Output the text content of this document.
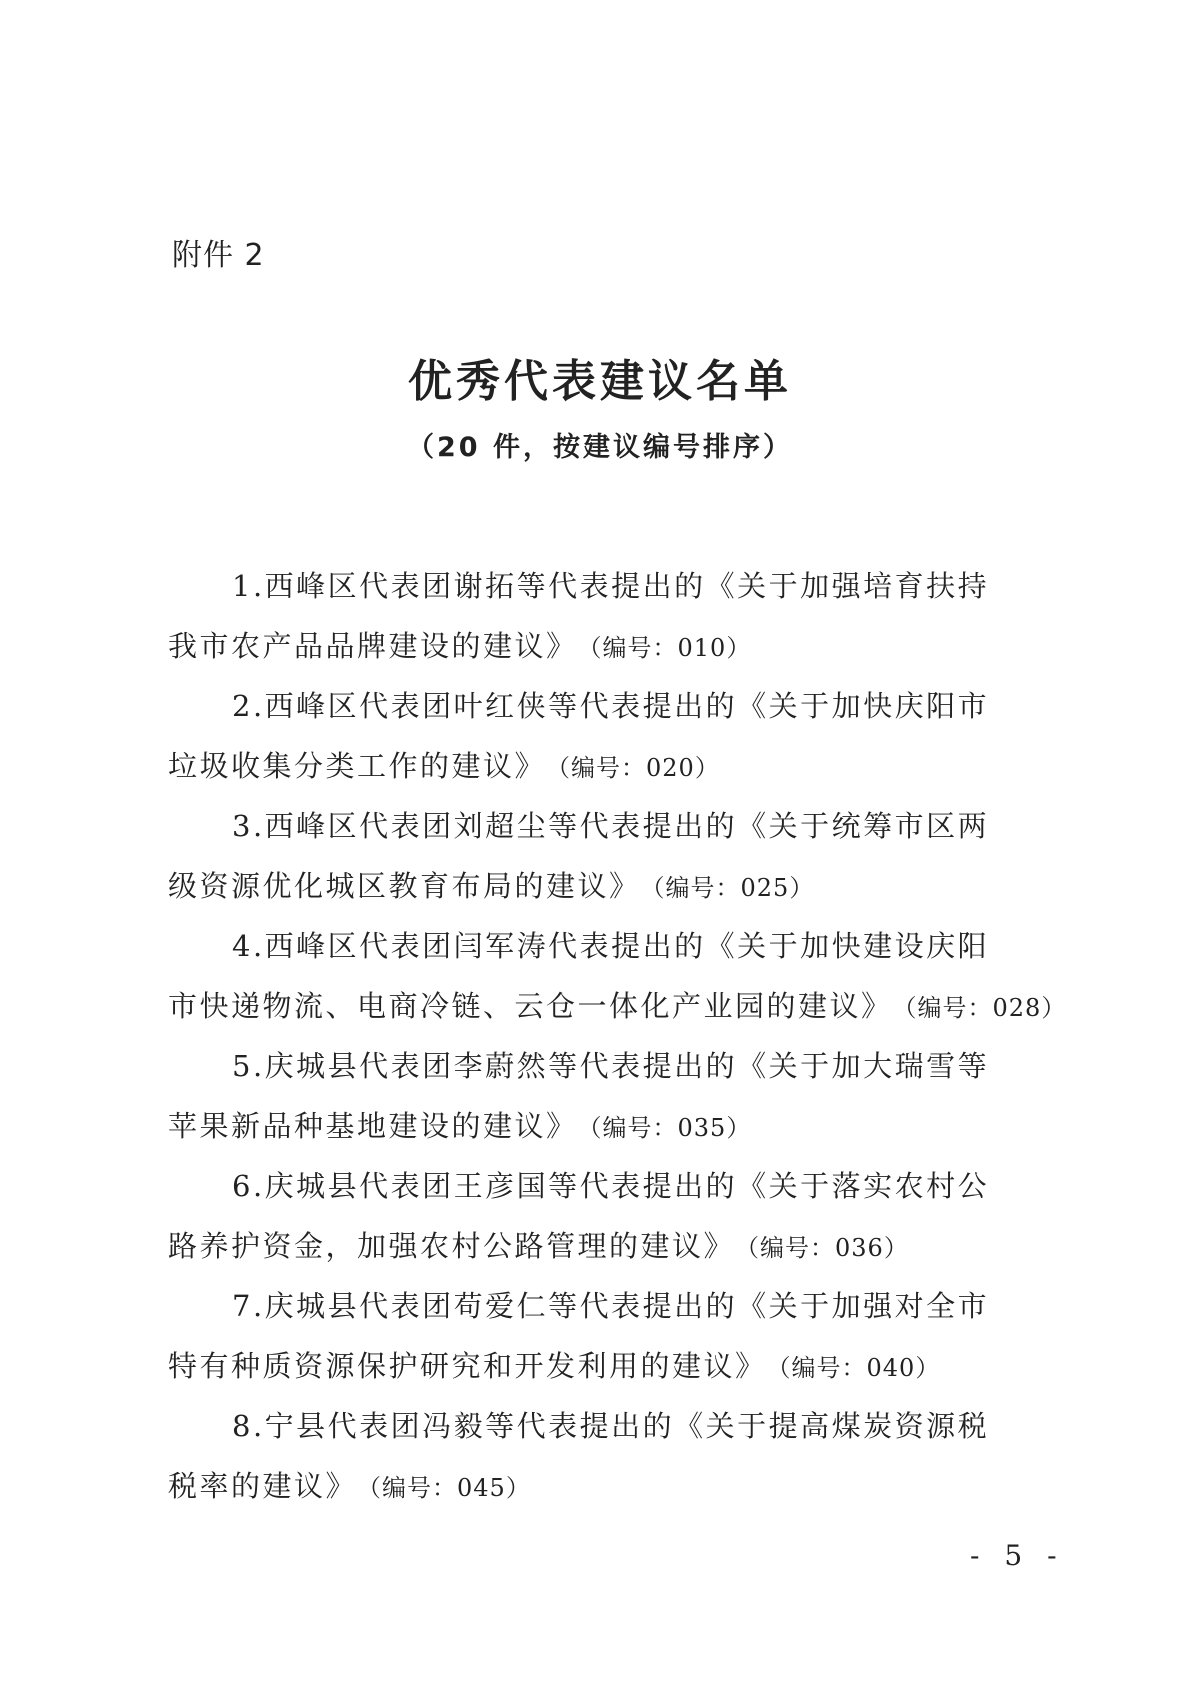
附件 2

优秀代表建议名单

（20 件，按建议编号排序）

1.西峰区代表团谢拓等代表提出的《关于加强培育扶持
我市农产品品牌建设的建议》 （编号：010）
2.西峰区代表团叶红侠等代表提出的《关于加快庆阳市
垃圾收集分类工作的建议》 （编号：020）
3.西峰区代表团刘超尘等代表提出的《关于统筹市区两
级资源优化城区教育布局的建议》 （编号：025）
4.西峰区代表团闫军涛代表提出的《关于加快建设庆阳
市快递物流、电商冷链、云仓一体化产业园的建议》 （编号：028）
5.庆城县代表团李蔚然等代表提出的《关于加大瑞雪等
苹果新品种基地建设的建议》 （编号：035）
6.庆城县代表团王彦国等代表提出的《关于落实农村公
路养护资金，加强农村公路管理的建议》 （编号：036）
7.庆城县代表团苟爱仁等代表提出的《关于加强对全市
特有种质资源保护研究和开发利用的建议》 （编号：040）
8.宁县代表团冯毅等代表提出的《关于提高煤炭资源税
税率的建议》 （编号：045）

- 5 -
